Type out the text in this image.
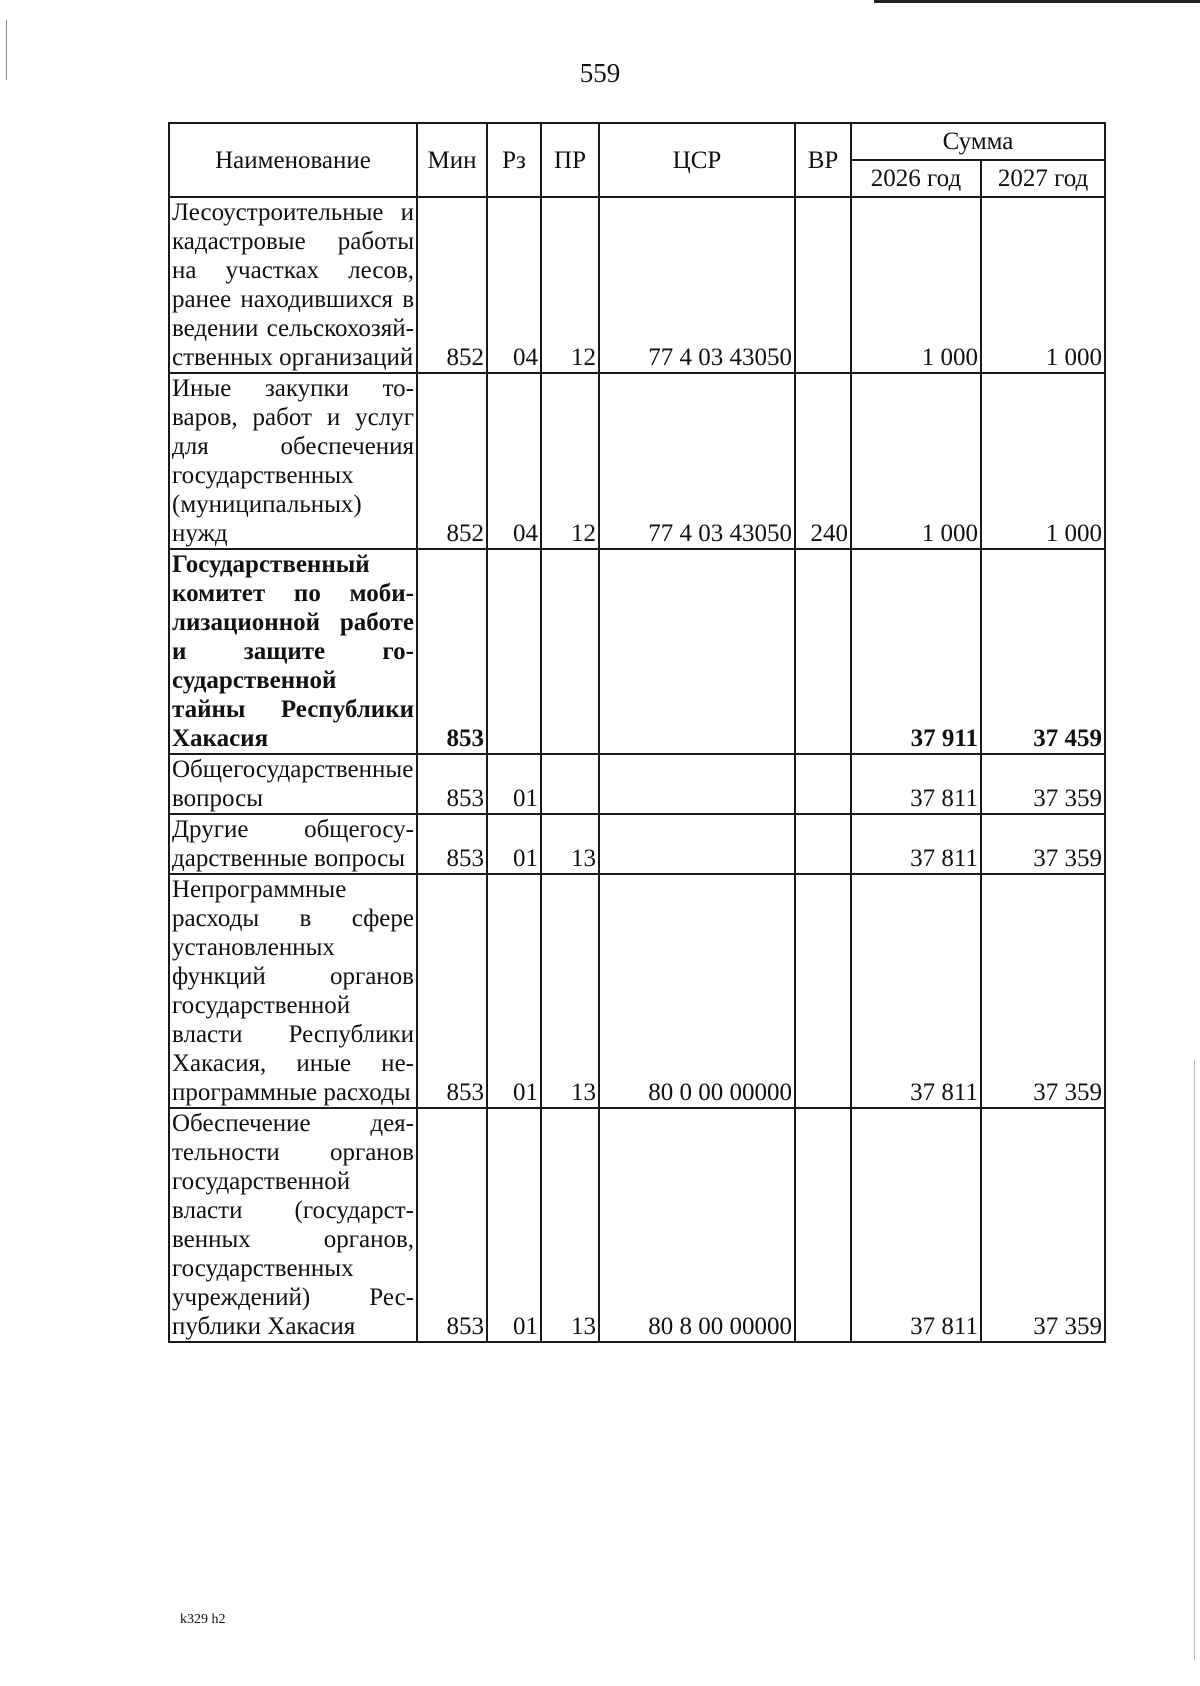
559
Наименование	Мин	Рз	ПР	ЦСР	ВР	Сумма	
						2026 год	2027 год
Лесоустроительные и кадастровые работы на участках лесов, ранее находившихся в ведении сельскохозяйственных организаций	852	04	12	77 4 03 43050		1 000	1 000
Иные закупки товаров, работ и услуг для обеспечения государственных (муниципальных) нужд	852	04	12	77 4 03 43050	240	1 000	1 000
Государственный комитет по мобилизационной работе и защите государственной тайны Республики Хакасия	853					37 911	37 459
Общегосударственные вопросы	853	01				37 811	37 359
Другие общегосударственные вопросы	853	01	13			37 811	37 359
Непрограммные расходы в сфере установленных функций органов государственной власти Республики Хакасия, иные непрограммные расходы	853	01	13	80 0 00 00000		37 811	37 359
Обеспечение деятельности органов государственной власти (государственных органов, государственных учреждений) Республики Хакасия	853	01	13	80 8 00 00000		37 811	37 359
k329 h2
